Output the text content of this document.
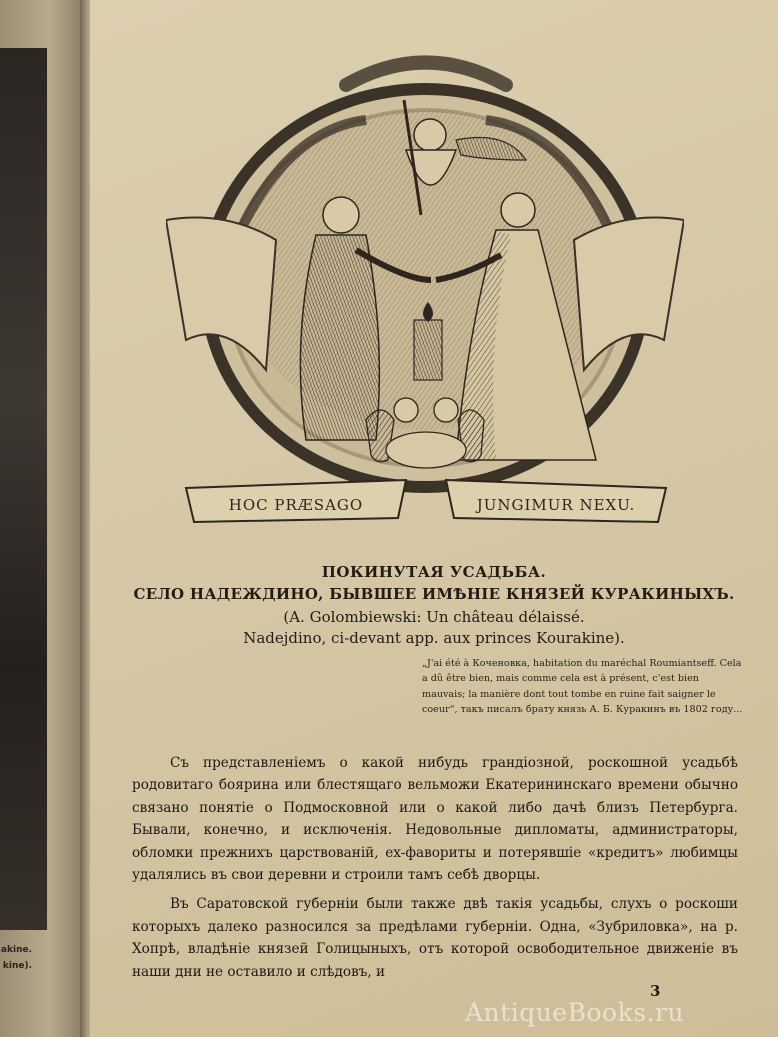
akine.
kine).
HOC PRÆSAGO	JUNGIMUR NEXU.
ПОКИНУТАЯ УСАДЬБА.
СЕЛО НАДЕЖДИНО, БЫВШЕЕ ИМѢНІЕ КНЯЗЕЙ КУРАКИНЫХЪ.
(A. Golombiewski: Un château délaissé.
Nadejdino, ci-devant app. aux princes Kourakine).
„J'ai été à Коченовка, habitation du maréchal Roumiantseff. Cela a dû être bien, mais comme cela est à présent, c'est bien mauvais; la manière dont tout tombe en ruine fait saigner le coeur“, такъ писалъ брату князь А. Б. Куракинъ въ 1802 году...

Съ представленіемъ о какой нибудь грандіозной, роскошной усадьбѣ родовитаго боярина или блестящаго вельможи Екатерининскаго времени обычно связано понятіе о Подмосковной или о какой либо дачѣ близъ Петербурга. Бывали, конечно, и исключенія. Недовольные дипломаты, администраторы, обломки прежнихъ царствованій, ex-фавориты и потерявшіе «кредитъ» любимцы удалялись въ свои деревни и строили тамъ себѣ дворцы.

Въ Саратовской губерніи были также двѣ такія усадьбы, слухъ о роскоши которыхъ далеко разносился за предѣлами губерніи. Одна, «Зубриловка», на р. Хопрѣ, владѣніе князей Голицыныхъ, отъ которой освободительное движеніе въ наши дни не оставило и слѣдовъ, и

3
AntiqueBooks.ru
